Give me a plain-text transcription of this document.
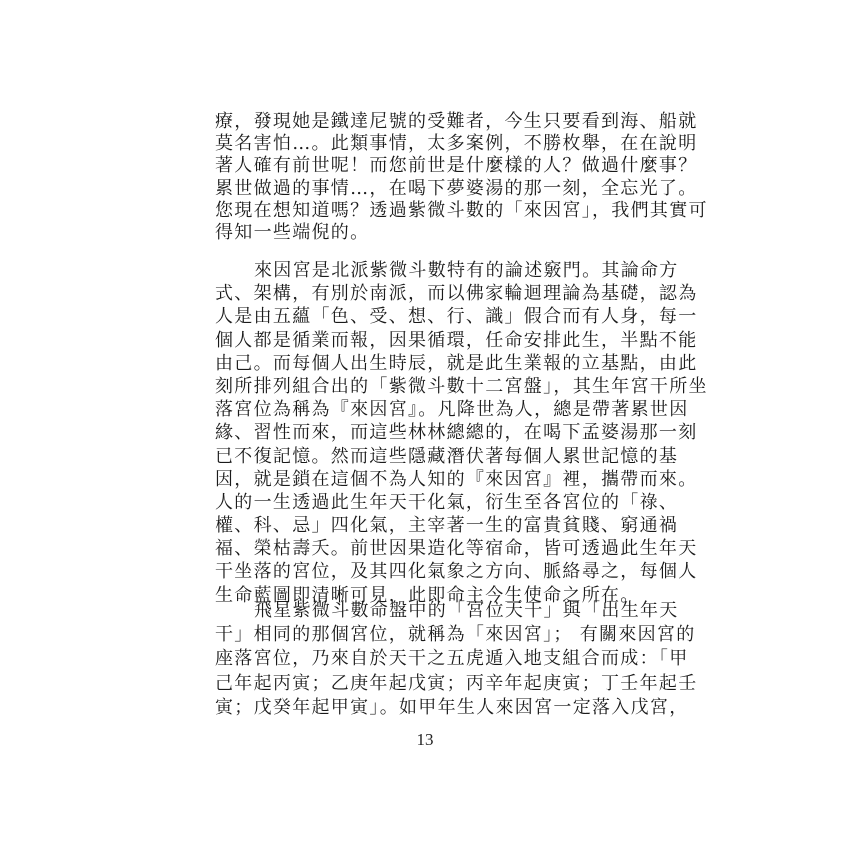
療，發現她是鐵達尼號的受難者，今生只要看到海、船就
莫名害怕…。此類事情，太多案例，不勝枚舉，在在說明
著人確有前世呢！而您前世是什麼樣的人？做過什麼事？
累世做過的事情…，在喝下夢婆湯的那一刻，全忘光了。
您現在想知道嗎？透過紫微斗數的「來因宮」，我們其實可
得知一些端倪的。
來因宮是北派紫微斗數特有的論述竅門。其論命方
式、架構，有別於南派，而以佛家輪迴理論為基礎，認為
人是由五蘊「色、受、想、行、識」假合而有人身，每一
個人都是循業而報，因果循環，任命安排此生，半點不能
由己。而每個人出生時辰，就是此生業報的立基點，由此
刻所排列組合出的「紫微斗數十二宮盤」，其生年宮干所坐
落宮位為稱為『來因宮』。凡降世為人，總是帶著累世因
緣、習性而來，而這些林林總總的，在喝下孟婆湯那一刻
已不復記憶。然而這些隱藏潛伏著每個人累世記憶的基
因，就是鎖在這個不為人知的『來因宮』裡，攜帶而來。
人的一生透過此生年天干化氣，衍生至各宮位的「祿、
權、科、忌」四化氣，主宰著一生的富貴貧賤、窮通禍
福、榮枯壽夭。前世因果造化等宿命，皆可透過此生年天
干坐落的宮位，及其四化氣象之方向、脈絡尋之，每個人
生命藍圖即清晰可見，此即命主今生使命之所在。
飛星紫微斗數命盤中的「宮位天干」與「出生年天
干」相同的那個宮位，就稱為「來因宮」； 有關來因宮的
座落宮位，乃來自於天干之五虎遁入地支組合而成：「甲
己年起丙寅；乙庚年起戊寅；丙辛年起庚寅；丁壬年起壬
寅；戊癸年起甲寅」。如甲年生人來因宮一定落入戊宮，
13
